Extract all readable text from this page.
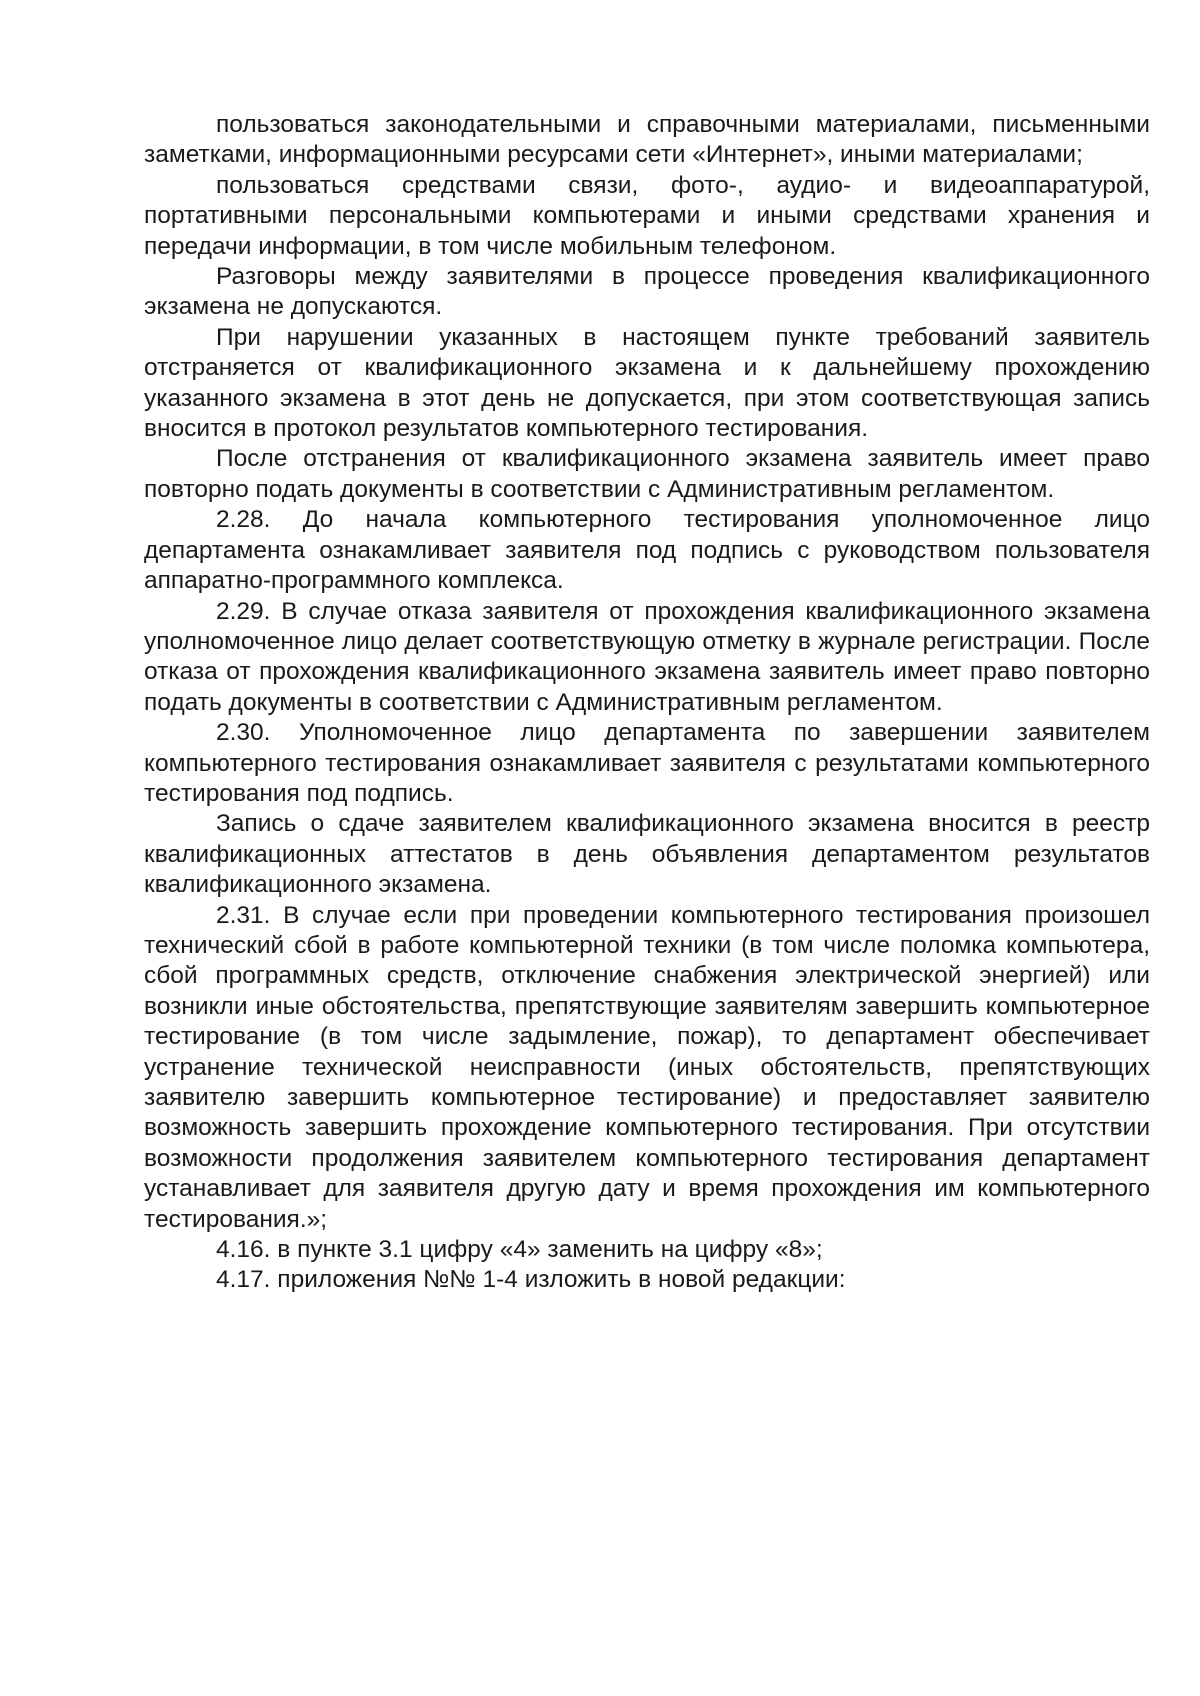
пользоваться законодательными и справочными материалами, письменными заметками, информационными ресурсами сети «Интернет», иными материалами;

пользоваться средствами связи, фото-, аудио- и видеоаппаратурой, портативными персональными компьютерами и иными средствами хранения и передачи информации, в том числе мобильным телефоном.

Разговоры между заявителями в процессе проведения квалификационного экзамена не допускаются.

При нарушении указанных в настоящем пункте требований заявитель отстраняется от квалификационного экзамена и к дальнейшему прохождению указанного экзамена в этот день не допускается, при этом соответствующая запись вносится в протокол результатов компьютерного тестирования.

После отстранения от квалификационного экзамена заявитель имеет право повторно подать документы в соответствии с Административным регламентом.

2.28. До начала компьютерного тестирования уполномоченное лицо департамента ознакамливает заявителя под подпись с руководством пользователя аппаратно-программного комплекса.

2.29. В случае отказа заявителя от прохождения квалификационного экзамена уполномоченное лицо делает соответствующую отметку в журнале регистрации. После отказа от прохождения квалификационного экзамена заявитель имеет право повторно подать документы в соответствии с Административным регламентом.

2.30. Уполномоченное лицо департамента по завершении заявителем компьютерного тестирования ознакамливает заявителя с результатами компьютерного тестирования под подпись.

Запись о сдаче заявителем квалификационного экзамена вносится в реестр квалификационных аттестатов в день объявления департаментом результатов квалификационного экзамена.

2.31. В случае если при проведении компьютерного тестирования произошел технический сбой в работе компьютерной техники (в том числе поломка компьютера, сбой программных средств, отключение снабжения электрической энергией) или возникли иные обстоятельства, препятствующие заявителям завершить компьютерное тестирование (в том числе задымление, пожар), то департамент обеспечивает устранение технической неисправности (иных обстоятельств, препятствующих заявителю завершить компьютерное тестирование) и предоставляет заявителю возможность завершить прохождение компьютерного тестирования. При отсутствии возможности продолжения заявителем компьютерного тестирования департамент устанавливает для заявителя другую дату и время прохождения им компьютерного тестирования.»;

4.16. в пункте 3.1 цифру «4» заменить на цифру «8»;

4.17. приложения №№ 1-4 изложить в новой редакции:
